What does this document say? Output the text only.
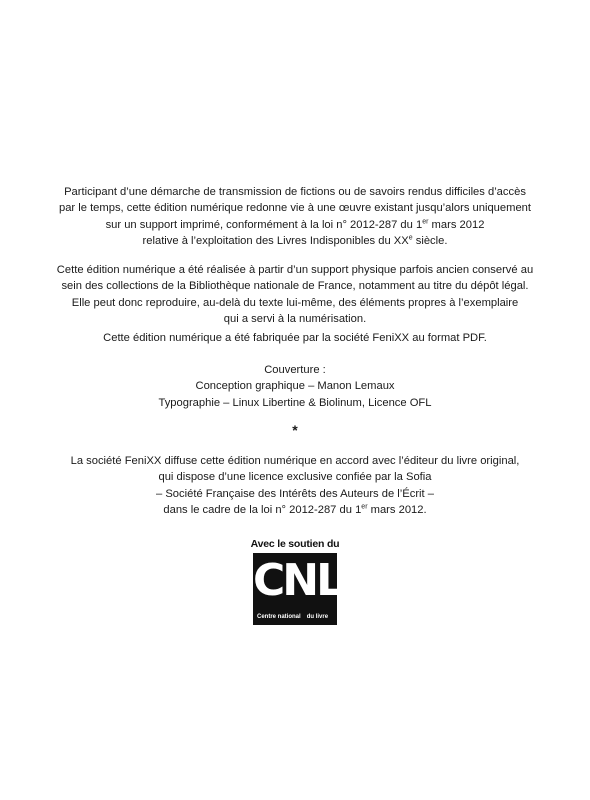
Participant d’une démarche de transmission de fictions ou de savoirs rendus difficiles d’accès

par le temps, cette édition numérique redonne vie à une œuvre existant jusqu’alors uniquement

sur un support imprimé, conformément à la loi n° 2012-287 du 1er mars 2012

relative à l’exploitation des Livres Indisponibles du XXe siècle.

Cette édition numérique a été réalisée à partir d’un support physique parfois ancien conservé au

sein des collections de la Bibliothèque nationale de France, notamment au titre du dépôt légal.

Elle peut donc reproduire, au-delà du texte lui-même, des éléments propres à l’exemplaire

qui a servi à la numérisation.

Cette édition numérique a été fabriquée par la société FeniXX au format PDF.

Couverture :

Conception graphique – Manon Lemaux

Typographie – Linux Libertine & Biolinum, Licence OFL

*

La société FeniXX diffuse cette édition numérique en accord avec l’éditeur du livre original,

qui dispose d’une licence exclusive confiée par la Sofia

– Société Française des Intérêts des Auteurs de l’Écrit –

dans le cadre de la loi n° 2012-287 du 1er mars 2012.

Avec le soutien du
CNL
Centre national du livre
